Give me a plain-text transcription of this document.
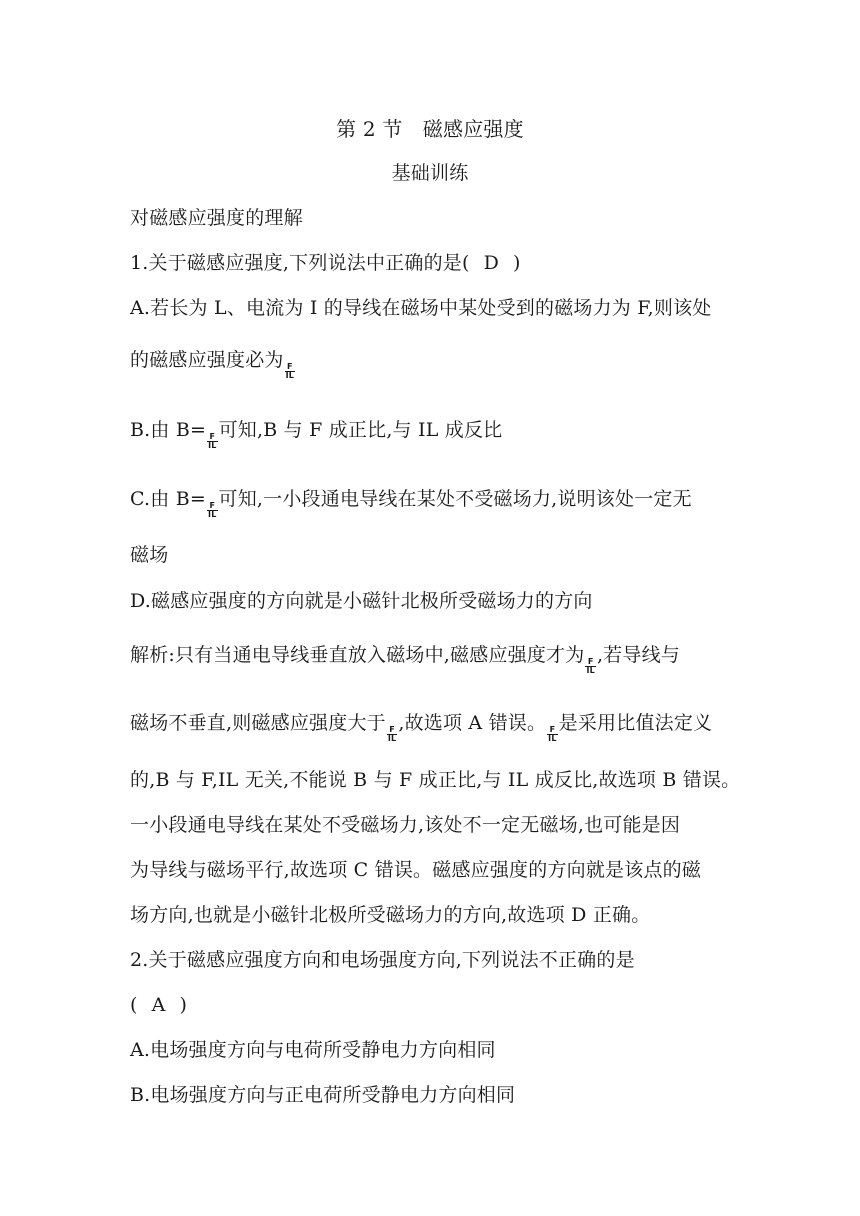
第 2 节　磁感应强度
基础训练
对磁感应强度的理解
1.关于磁感应强度,下列说法中正确的是( D )
A.若长为 L、电流为 I 的导线在磁场中某处受到的磁场力为 F,则该处
的磁感应强度必为
$\frac{F}{IL}$
B.由 B=
$\frac{F}{IL}$
可知,B 与 F 成正比,与 IL 成反比
C.由 B=
$\frac{F}{IL}$
可知,一小段通电导线在某处不受磁场力,说明该处一定无
磁场
D.磁感应强度的方向就是小磁针北极所受磁场力的方向
解析:只有当通电导线垂直放入磁场中,磁感应强度才为
$\frac{F}{IL}$
,若导线与
磁场不垂直,则磁感应强度大于
$\frac{F}{IL}$
,故选项 A 错误。
$\frac{F}{IL}$
是采用比值法定义
的,B 与 F,IL 无关,不能说 B 与 F 成正比,与 IL 成反比,故选项 B 错误。
一小段通电导线在某处不受磁场力,该处不一定无磁场,也可能是因
为导线与磁场平行,故选项 C 错误。磁感应强度的方向就是该点的磁
场方向,也就是小磁针北极所受磁场力的方向,故选项 D 正确。
2.关于磁感应强度方向和电场强度方向,下列说法不正确的是
( A )
A.电场强度方向与电荷所受静电力方向相同
B.电场强度方向与正电荷所受静电力方向相同
